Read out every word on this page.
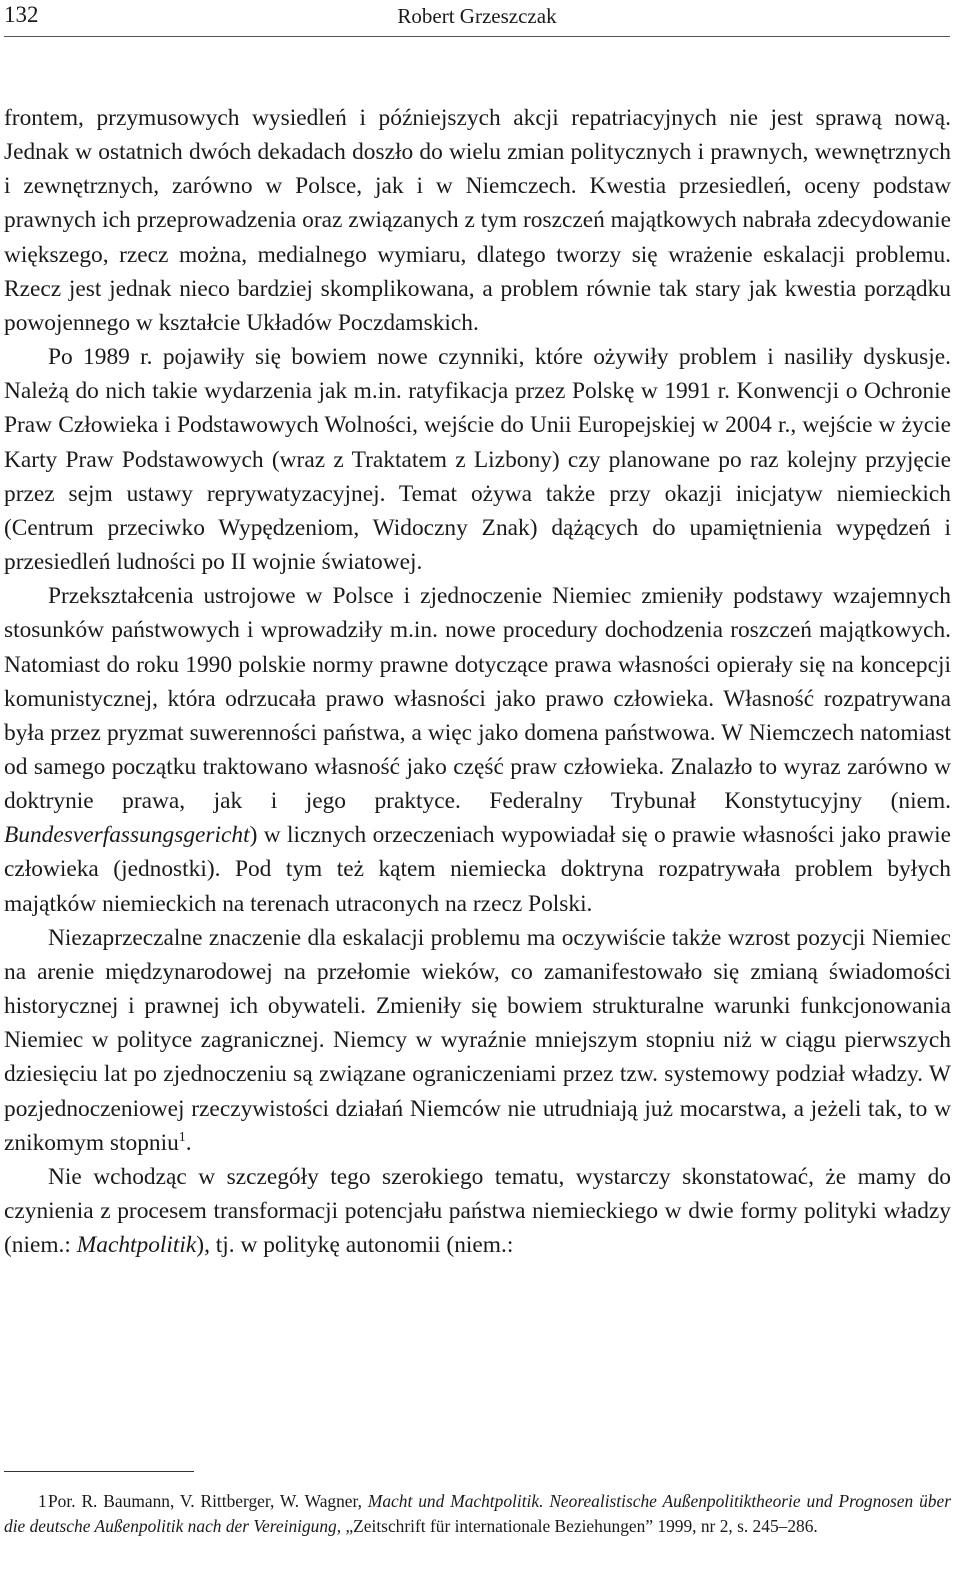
132	Robert Grzeszczak

frontem, przymusowych wysiedleń i późniejszych akcji repatriacyjnych nie jest sprawą nową. Jednak w ostatnich dwóch dekadach doszło do wielu zmian politycznych i prawnych, wewnętrznych i zewnętrznych, zarówno w Polsce, jak i w Niemczech. Kwestia przesiedleń, oceny podstaw prawnych ich przeprowadzenia oraz związanych z tym roszczeń majątkowych nabrała zdecydowanie większego, rzecz można, medialnego wymiaru, dlatego tworzy się wrażenie eskalacji problemu. Rzecz jest jednak nieco bardziej skomplikowana, a problem równie tak stary jak kwestia porządku powojennego w kształcie Układów Poczdamskich.

Po 1989 r. pojawiły się bowiem nowe czynniki, które ożywiły problem i nasiliły dyskusje. Należą do nich takie wydarzenia jak m.in. ratyfikacja przez Polskę w 1991 r. Konwencji o Ochronie Praw Człowieka i Podstawowych Wolności, wejście do Unii Europejskiej w 2004 r., wejście w życie Karty Praw Podstawowych (wraz z Traktatem z Lizbony) czy planowane po raz kolejny przyjęcie przez sejm ustawy reprywatyzacyjnej. Temat ożywa także przy okazji inicjatyw niemieckich (Centrum przeciwko Wypędzeniom, Widoczny Znak) dążących do upamiętnienia wypędzeń i przesiedleń ludności po II wojnie światowej.

Przekształcenia ustrojowe w Polsce i zjednoczenie Niemiec zmieniły podstawy wzajemnych stosunków państwowych i wprowadziły m.in. nowe procedury dochodzenia roszczeń majątkowych. Natomiast do roku 1990 polskie normy prawne dotyczące prawa własności opierały się na koncepcji komunistycznej, która odrzucała prawo własności jako prawo człowieka. Własność rozpatrywana była przez pryzmat suwerenności państwa, a więc jako domena państwowa. W Niemczech natomiast od samego początku traktowano własność jako część praw człowieka. Znalazło to wyraz zarówno w doktrynie prawa, jak i jego praktyce. Federalny Trybunał Konstytucyjny (niem. Bundesverfassungsgericht) w licznych orzeczeniach wypowiadał się o prawie własności jako prawie człowieka (jednostki). Pod tym też kątem niemiecka doktryna rozpatrywała problem byłych majątków niemieckich na terenach utraconych na rzecz Polski.

Niezaprzeczalne znaczenie dla eskalacji problemu ma oczywiście także wzrost pozycji Niemiec na arenie międzynarodowej na przełomie wieków, co zamanifestowało się zmianą świadomości historycznej i prawnej ich obywateli. Zmieniły się bowiem strukturalne warunki funkcjonowania Niemiec w polityce zagranicznej. Niemcy w wyraźnie mniejszym stopniu niż w ciągu pierwszych dziesięciu lat po zjednoczeniu są związane ograniczeniami przez tzw. systemowy podział władzy. W pozjednoczeniowej rzeczywistości działań Niemców nie utrudniają już mocarstwa, a jeżeli tak, to w znikomym stopniu$^1$.

Nie wchodząc w szczegóły tego szerokiego tematu, wystarczy skonstatować, że mamy do czynienia z procesem transformacji potencjału państwa niemieckiego w dwie formy polityki władzy (niem.: Machtpolitik), tj. w politykę autonomii (niem.:

1Por. R. Baumann, V. Rittberger, W. Wagner, Macht und Machtpolitik. Neorealistische Außenpolitiktheorie und Prognosen über die deutsche Außenpolitik nach der Vereinigung, „Zeitschrift für internationale Beziehungen” 1999, nr 2, s. 245–286.
